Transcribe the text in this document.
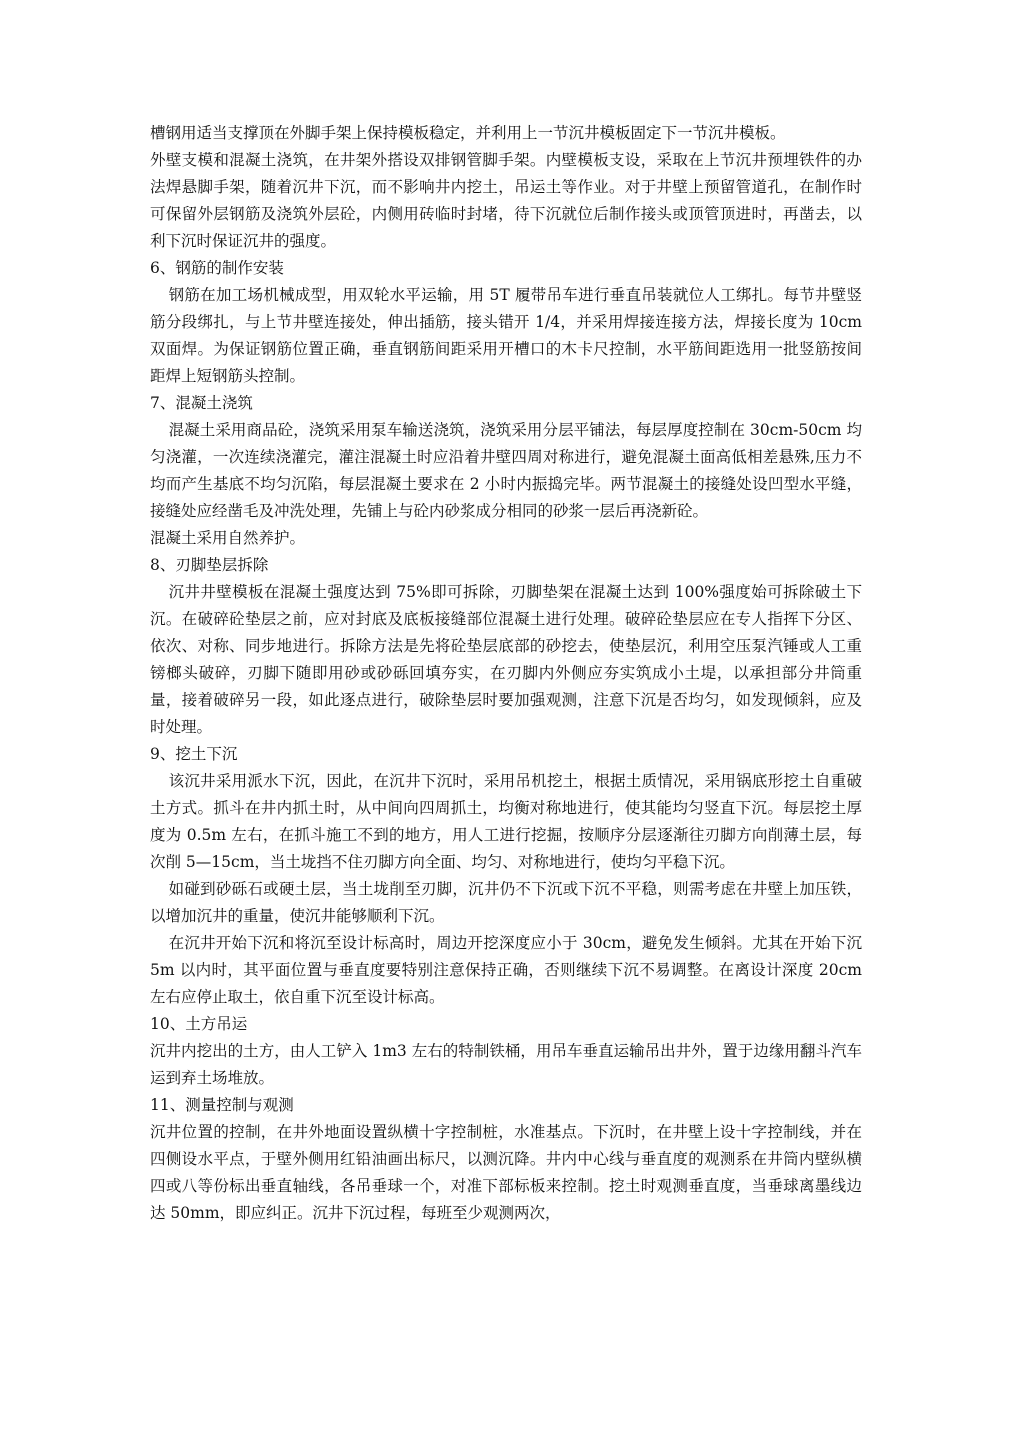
槽钢用适当支撑顶在外脚手架上保持模板稳定，并利用上一节沉井模板固定下一节沉井模板。

外壁支模和混凝土浇筑，在井架外搭设双排钢管脚手架。内壁模板支设，采取在上节沉井预埋铁件的办法焊悬脚手架，随着沉井下沉，而不影响井内挖土，吊运土等作业。对于井壁上预留管道孔，在制作时可保留外层钢筋及浇筑外层砼，内侧用砖临时封堵，待下沉就位后制作接头或顶管顶进时，再凿去，以利下沉时保证沉井的强度。

6、钢筋的制作安装

钢筋在加工场机械成型，用双轮水平运输，用 5T 履带吊车进行垂直吊装就位人工绑扎。每节井壁竖筋分段绑扎，与上节井壁连接处，伸出插筋，接头错开 1/4，并采用焊接连接方法，焊接长度为 10cm 双面焊。为保证钢筋位置正确，垂直钢筋间距采用开槽口的木卡尺控制，水平筋间距选用一批竖筋按间距焊上短钢筋头控制。

7、混凝土浇筑

混凝土采用商品砼，浇筑采用泵车输送浇筑，浇筑采用分层平铺法，每层厚度控制在 30cm-50cm 均匀浇灌，一次连续浇灌完，灌注混凝土时应沿着井壁四周对称进行，避免混凝土面高低相差悬殊,压力不均而产生基底不均匀沉陷，每层混凝土要求在 2 小时内振捣完毕。两节混凝土的接缝处设凹型水平缝，接缝处应经凿毛及冲洗处理，先铺上与砼内砂浆成分相同的砂浆一层后再浇新砼。

混凝土采用自然养护。

8、刃脚垫层拆除

沉井井壁模板在混凝土强度达到 75%即可拆除，刃脚垫架在混凝土达到 100%强度始可拆除破土下沉。在破碎砼垫层之前，应对封底及底板接缝部位混凝土进行处理。破碎砼垫层应在专人指挥下分区、依次、对称、同步地进行。拆除方法是先将砼垫层底部的砂挖去，使垫层沉，利用空压泵汽锤或人工重镑榔头破碎，刃脚下随即用砂或砂砾回填夯实，在刃脚内外侧应夯实筑成小土堤，以承担部分井筒重量，接着破碎另一段，如此逐点进行，破除垫层时要加强观测，注意下沉是否均匀，如发现倾斜，应及时处理。

9、挖土下沉

该沉井采用派水下沉，因此，在沉井下沉时，采用吊机挖土，根据土质情况，采用锅底形挖土自重破土方式。抓斗在井内抓土时，从中间向四周抓土，均衡对称地进行，使其能均匀竖直下沉。每层挖土厚度为 0.5m 左右，在抓斗施工不到的地方，用人工进行挖掘，按顺序分层逐渐往刃脚方向削薄土层，每次削 5—15cm，当土垅挡不住刃脚方向全面、均匀、对称地进行，使均匀平稳下沉。

如碰到砂砾石或硬土层，当土垅削至刃脚，沉井仍不下沉或下沉不平稳，则需考虑在井壁上加压铁，以增加沉井的重量，使沉井能够顺利下沉。

在沉井开始下沉和将沉至设计标高时，周边开挖深度应小于 30cm，避免发生倾斜。尤其在开始下沉 5m 以内时，其平面位置与垂直度要特别注意保持正确，否则继续下沉不易调整。在离设计深度 20cm 左右应停止取土，依自重下沉至设计标高。

10、土方吊运

沉井内挖出的土方，由人工铲入 1m3 左右的特制铁桶，用吊车垂直运输吊出井外，置于边缘用翻斗汽车运到弃土场堆放。

11、测量控制与观测

沉井位置的控制，在井外地面设置纵横十字控制桩，水准基点。下沉时，在井壁上设十字控制线，并在四侧设水平点，于壁外侧用红铅油画出标尺，以测沉降。井内中心线与垂直度的观测系在井筒内壁纵横四或八等份标出垂直轴线，各吊垂球一个，对准下部标板来控制。挖土时观测垂直度，当垂球离墨线边达 50mm，即应纠正。沉井下沉过程，每班至少观测两次，
